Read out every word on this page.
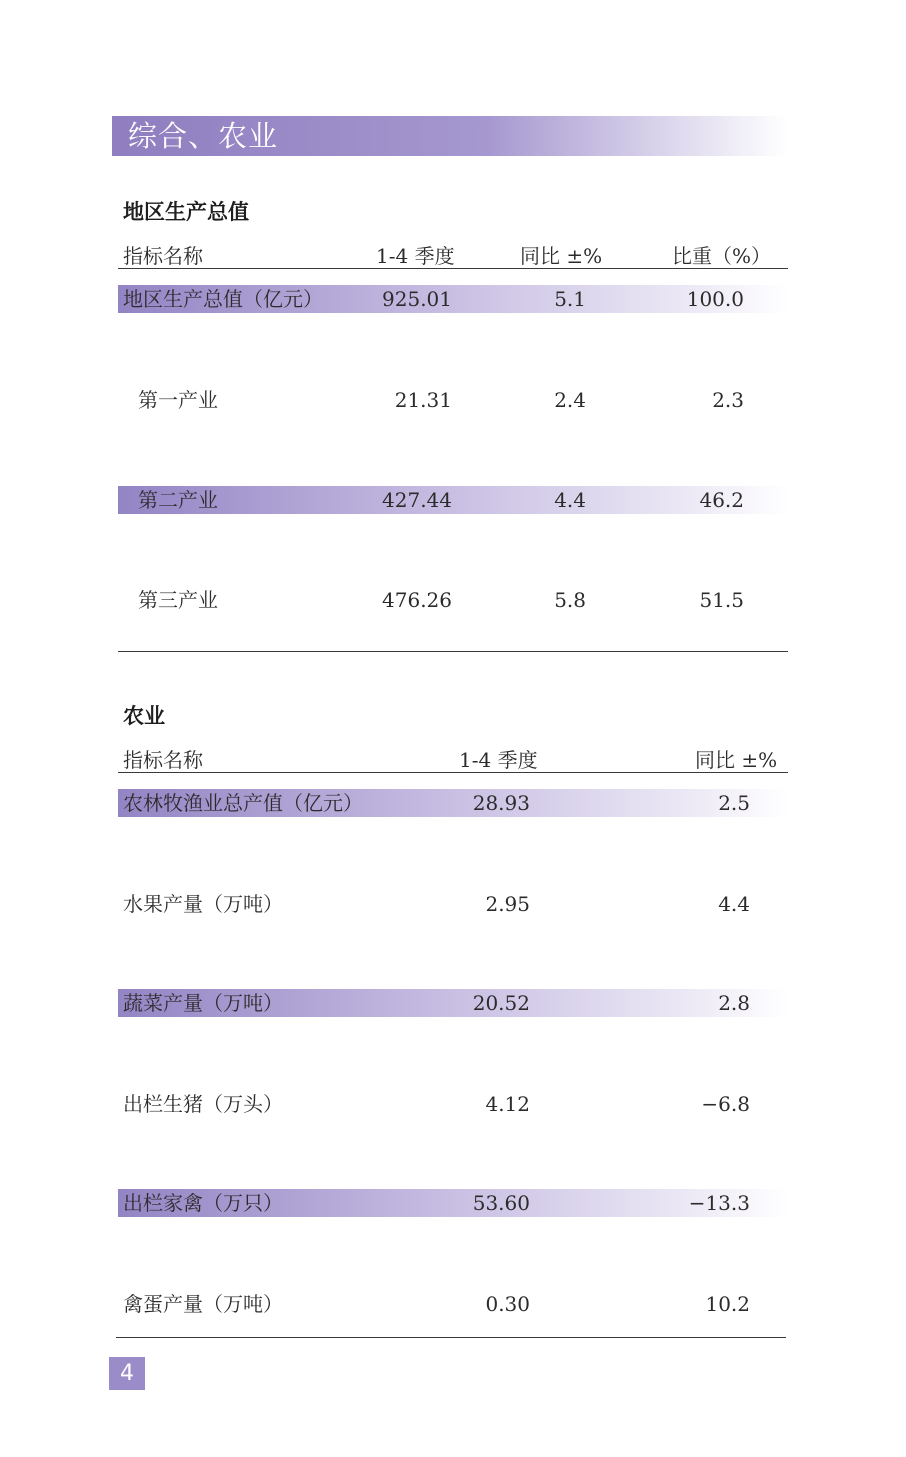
综合、农业
地区生产总值
指标名称	1-4 季度	同比 ±%	比重（%）
地区生产总值（亿元）	925.01	5.1	100.0
第一产业	21.31	2.4	2.3
第二产业	427.44	4.4	46.2
第三产业	476.26	5.8	51.5
农业
指标名称	1-4 季度	同比 ±%
农林牧渔业总产值（亿元）	28.93	2.5
水果产量（万吨）	2.95	4.4
蔬菜产量（万吨）	20.52	2.8
出栏生猪（万头）	4.12	−6.8
出栏家禽（万只）	53.60	−13.3
禽蛋产量（万吨）	0.30	10.2
4
